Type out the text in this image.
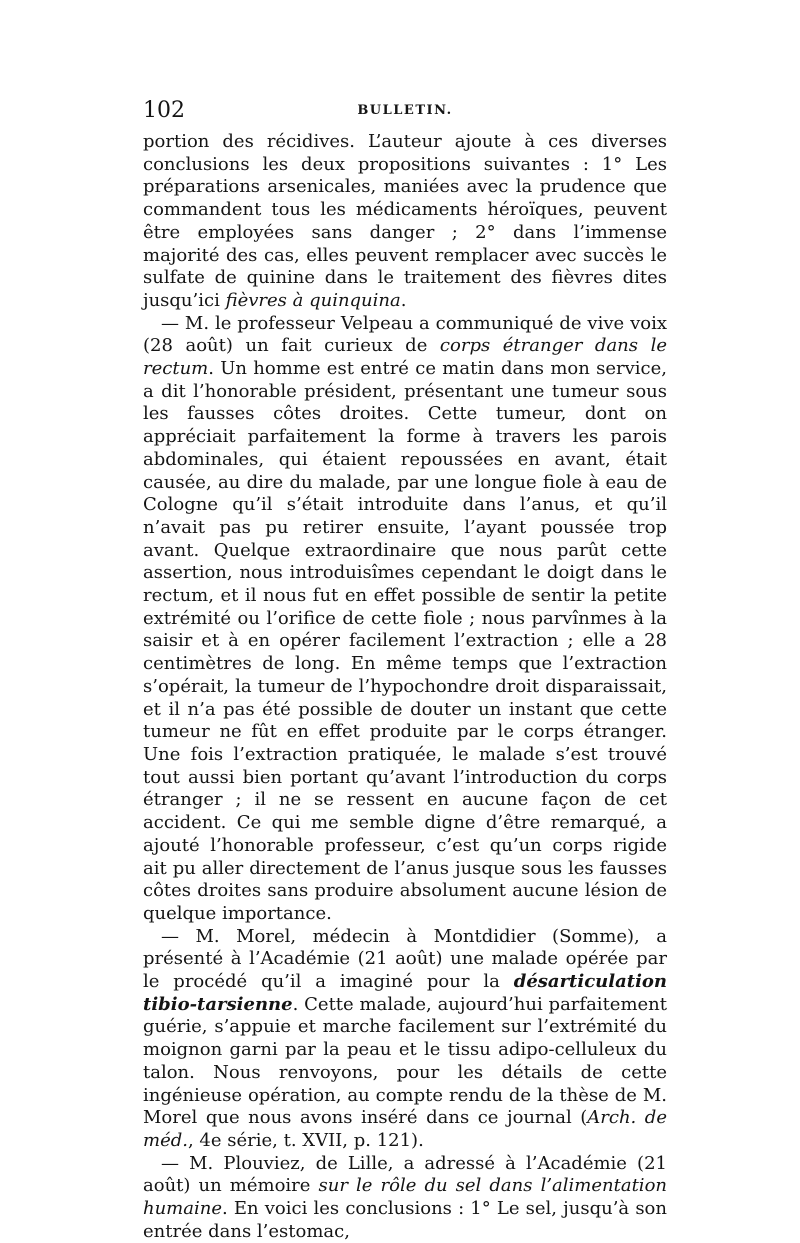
102	BULLETIN.

portion des récidives. L’auteur ajoute à ces diverses conclusions les deux propositions suivantes : 1° Les préparations arsenicales, maniées avec la prudence que commandent tous les médicaments héroïques, peuvent être employées sans danger ; 2° dans l’immense majorité des cas, elles peuvent remplacer avec succès le sulfate de quinine dans le traitement des fièvres dites jusqu’ici fièvres à quinquina.

— M. le professeur Velpeau a communiqué de vive voix (28 août) un fait curieux de corps étranger dans le rectum. Un homme est entré ce matin dans mon service, a dit l’honorable président, présentant une tumeur sous les fausses côtes droites. Cette tumeur, dont on appréciait parfaitement la forme à travers les parois abdominales, qui étaient repoussées en avant, était causée, au dire du malade, par une longue fiole à eau de Cologne qu’il s’était introduite dans l’anus, et qu’il n’avait pas pu retirer ensuite, l’ayant poussée trop avant. Quelque extraordinaire que nous parût cette assertion, nous introduisîmes cependant le doigt dans le rectum, et il nous fut en effet possible de sentir la petite extrémité ou l’orifice de cette fiole ; nous parvînmes à la saisir et à en opérer facilement l’extraction ; elle a 28 centimètres de long. En même temps que l’extraction s’opérait, la tumeur de l’hypochondre droit disparaissait, et il n’a pas été possible de douter un instant que cette tumeur ne fût en effet produite par le corps étranger. Une fois l’extraction pratiquée, le malade s’est trouvé tout aussi bien portant qu’avant l’introduction du corps étranger ; il ne se ressent en aucune façon de cet accident. Ce qui me semble digne d’être remarqué, a ajouté l’honorable professeur, c’est qu’un corps rigide ait pu aller directement de l’anus jusque sous les fausses côtes droites sans produire absolument aucune lésion de quelque importance.

— M. Morel, médecin à Montdidier (Somme), a présenté à l’Académie (21 août) une malade opérée par le procédé qu’il a imaginé pour la désarticulation tibio-tarsienne. Cette malade, aujourd’hui parfaitement guérie, s’appuie et marche facilement sur l’extrémité du moignon garni par la peau et le tissu adipo-celluleux du talon. Nous renvoyons, pour les détails de cette ingénieuse opération, au compte rendu de la thèse de M. Morel que nous avons inséré dans ce journal (Arch. de méd., 4e série, t. XVII, p. 121).

— M. Plouviez, de Lille, a adressé à l’Académie (21 août) un mémoire sur le rôle du sel dans l’alimentation humaine. En voici les conclusions : 1° Le sel, jusqu’à son entrée dans l’estomac,
